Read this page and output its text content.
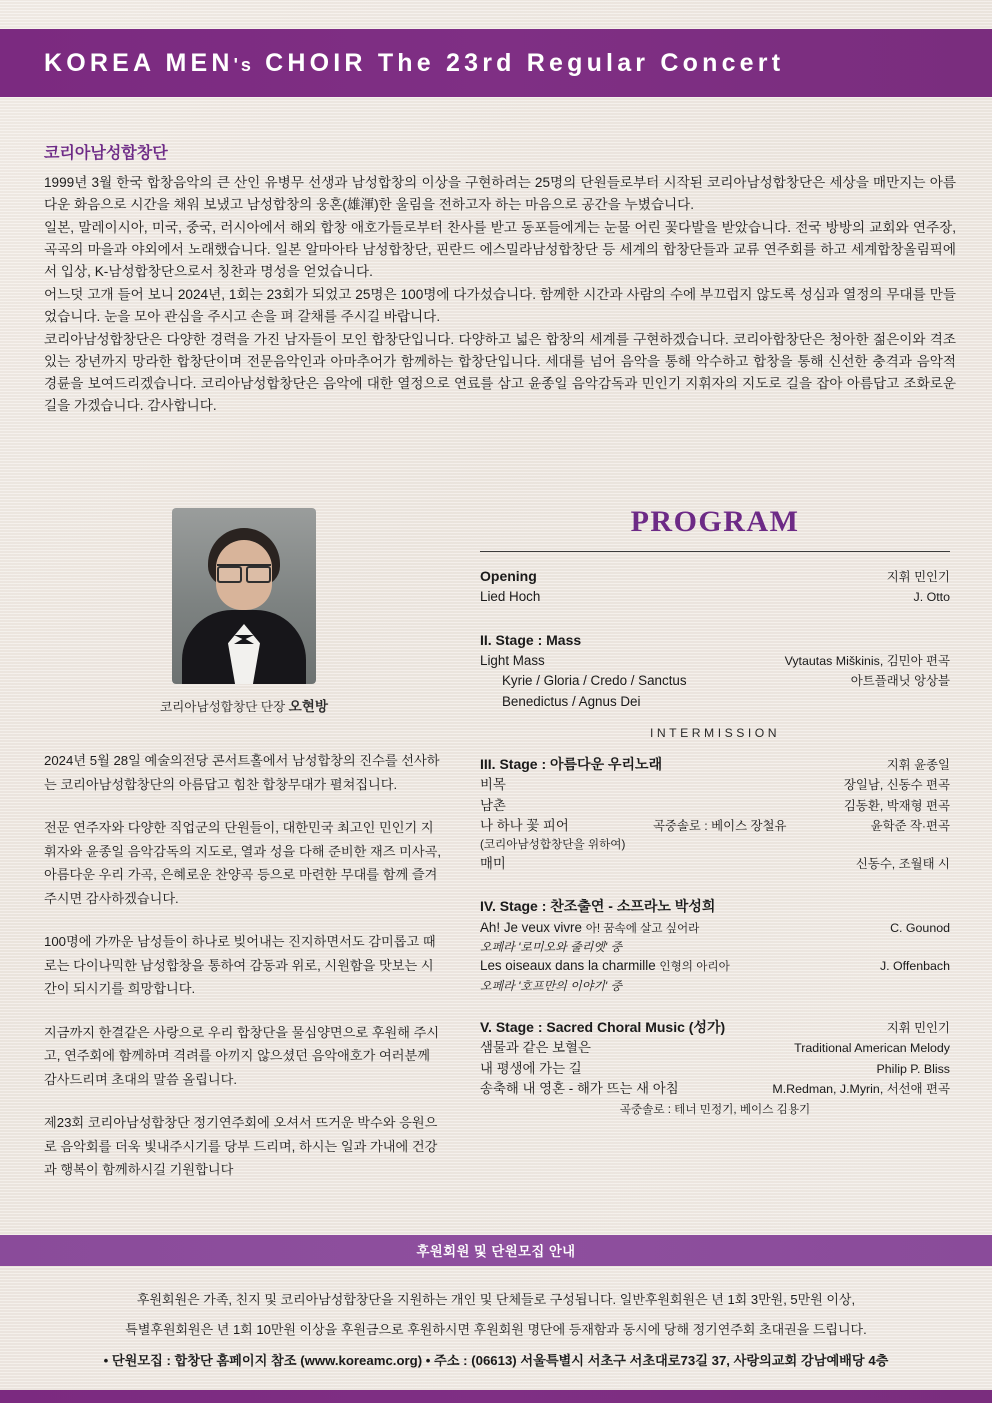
KOREA MEN's CHOIR The 23rd Regular Concert
코리아남성합창단

1999년 3월 한국 합창음악의 큰 산인 유병무 선생과 남성합창의 이상을 구현하려는 25명의 단원들로부터 시작된 코리아남성합창단은 세상을 매만지는 아름다운 화음으로 시간을 채워 보냈고 남성합창의 웅혼(雄渾)한 울림을 전하고자 하는 마음으로 공간을 누볐습니다.

일본, 말레이시아, 미국, 중국, 러시아에서 해외 합창 애호가들로부터 찬사를 받고 동포들에게는 눈물 어린 꽃다발을 받았습니다. 전국 방방의 교회와 연주장, 곡곡의 마을과 야외에서 노래했습니다. 일본 알마아타 남성합창단, 핀란드 에스밀라남성합창단 등 세계의 합창단들과 교류 연주회를 하고 세계합창올림픽에서 입상, K-남성합창단으로서 칭찬과 명성을 얻었습니다.

어느덧 고개 들어 보니 2024년, 1회는 23회가 되었고 25명은 100명에 다가섰습니다. 함께한 시간과 사람의 수에 부끄럽지 않도록 성심과 열정의 무대를 만들었습니다. 눈을 모아 관심을 주시고 손을 펴 갈채를 주시길 바랍니다.

코리아남성합창단은 다양한 경력을 가진 남자들이 모인 합창단입니다. 다양하고 넓은 합창의 세계를 구현하겠습니다. 코리아합창단은 청아한 젊은이와 격조 있는 장년까지 망라한 합창단이며 전문음악인과 아마추어가 함께하는 합창단입니다. 세대를 넘어 음악을 통해 악수하고 합창을 통해 신선한 충격과 음악적 경륜을 보여드리겠습니다. 코리아남성합창단은 음악에 대한 열정으로 연료를 삼고 윤종일 음악감독과 민인기 지휘자의 지도로 길을 잡아 아름답고 조화로운 길을 가겠습니다. 감사합니다.

코리아남성합창단 단장 오현방

2024년 5월 28일 예술의전당 콘서트홀에서 남성합창의 진수를 선사하는 코리아남성합창단의 아름답고 힘찬 합창무대가 펼쳐집니다.

전문 연주자와 다양한 직업군의 단원들이, 대한민국 최고인 민인기 지휘자와 윤종일 음악감독의 지도로, 열과 성을 다해 준비한 재즈 미사곡, 아름다운 우리 가곡, 은혜로운 찬양곡 등으로 마련한 무대를 함께 즐겨주시면 감사하겠습니다.

100명에 가까운 남성들이 하나로 빚어내는 진지하면서도 감미롭고 때로는 다이나믹한 남성합창을 통하여 감동과 위로, 시원함을 맛보는 시간이 되시기를 희망합니다.

지금까지 한결같은 사랑으로 우리 합창단을 물심양면으로 후원해 주시고, 연주회에 함께하며 격려를 아끼지 않으셨던 음악애호가 여러분께 감사드리며 초대의 말씀 올립니다.

제23회 코리아남성합창단 정기연주회에 오셔서 뜨거운 박수와 응원으로 음악회를 더욱 빛내주시기를 당부 드리며, 하시는 일과 가내에 건강과 행복이 함께하시길 기원합니다

PROGRAM
Opening	지휘 민인기
Lied Hoch	J. Otto
II. Stage : Mass
Light Mass	Vytautas Miškinis, 김민아 편곡
Kyrie / Gloria / Credo / Sanctus	아트플래닛 앙상블
Benedictus / Agnus Dei
INTERMISSION
III. Stage : 아름다운 우리노래	지휘 윤종일
비목	장일남, 신동수 편곡
남촌	김동환, 박재형 편곡
나 하나 꽃 피어	곡중솔로 : 베이스 장철유	윤학준 작·편곡
(코리아남성합창단을 위하여)
매미	신동수, 조월태 시
IV. Stage : 찬조출연 - 소프라노 박성희
Ah! Je veux vivre 아! 꿈속에 살고 싶어라	C. Gounod
오페라 '로미오와 줄리엣' 중
Les oiseaux dans la charmille 인형의 아리아	J. Offenbach
오페라 '호프만의 이야기' 중
V. Stage : Sacred Choral Music (성가)	지휘 민인기
샘물과 같은 보혈은	Traditional American Melody
내 평생에 가는 길	Philip P. Bliss
송축해 내 영혼 - 해가 뜨는 새 아침	M.Redman, J.Myrin, 서선애 편곡
곡중솔로 : 테너 민정기, 베이스 김용기
후원회원 및 단원모집 안내

후원회원은 가족, 친지 및 코리아남성합창단을 지원하는 개인 및 단체들로 구성됩니다. 일반후원회원은 년 1회 3만원, 5만원 이상,

특별후원회원은 년 1회 10만원 이상을 후원금으로 후원하시면 후원회원 명단에 등재함과 동시에 당해 정기연주회 초대권을 드립니다.

• 단원모집 : 합창단 홈페이지 참조 (www.koreamc.org) • 주소 : (06613) 서울특별시 서초구 서초대로73길 37, 사랑의교회 강남예배당 4층
